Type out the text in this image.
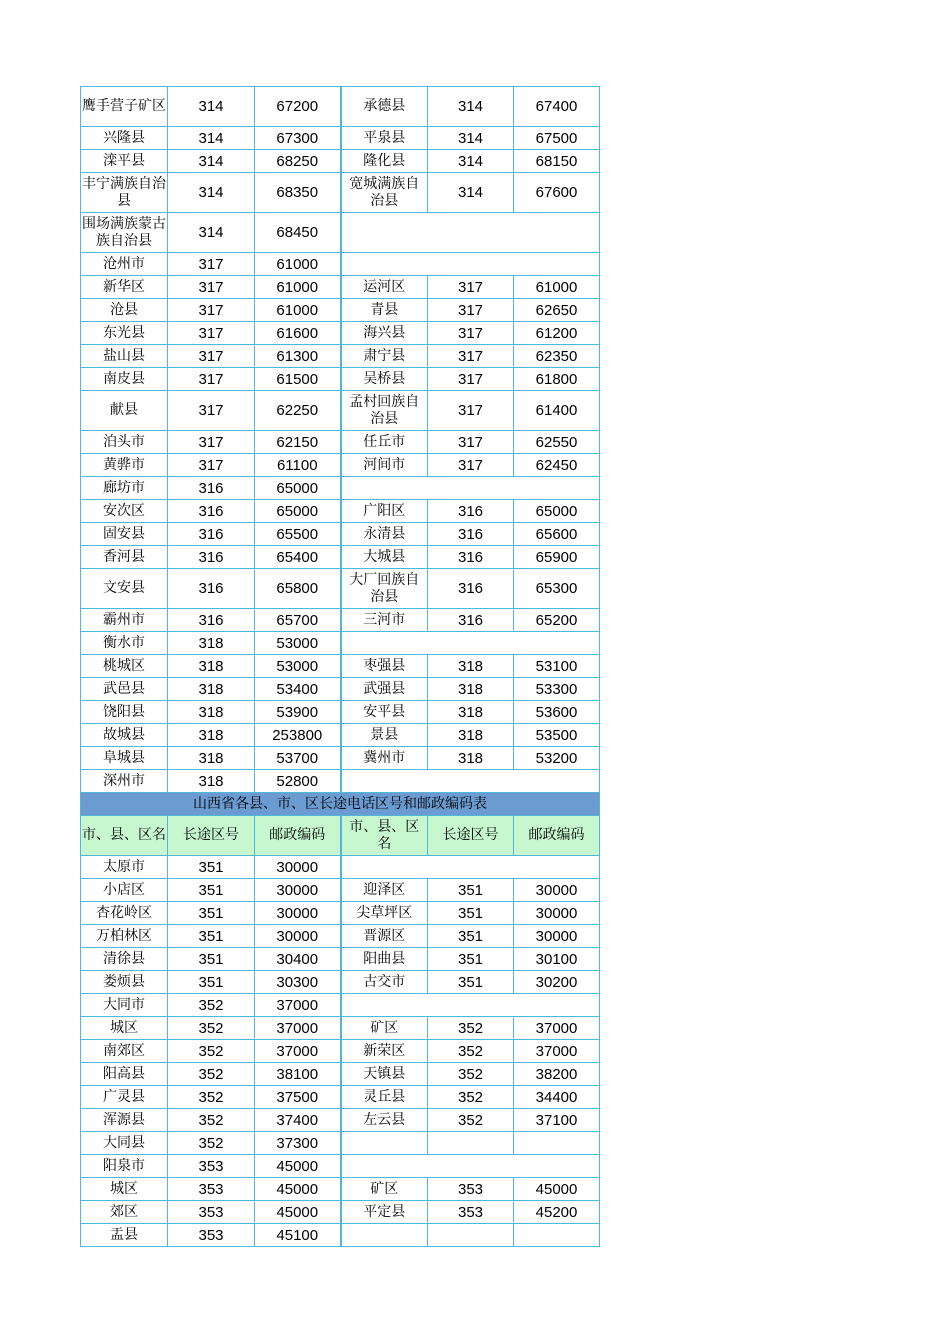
鹰手营子矿区	314	67200	承德县	314	67400
兴隆县	314	67300	平泉县	314	67500
滦平县	314	68250	隆化县	314	68150
丰宁满族自治县	314	68350	宽城满族自治县	314	67600
围场满族蒙古族自治县	314	68450			
沧州市	317	61000			
新华区	317	61000	运河区	317	61000
沧县	317	61000	青县	317	62650
东光县	317	61600	海兴县	317	61200
盐山县	317	61300	肃宁县	317	62350
南皮县	317	61500	吴桥县	317	61800
献县	317	62250	孟村回族自治县	317	61400
泊头市	317	62150	任丘市	317	62550
黄骅市	317	61100	河间市	317	62450
廊坊市	316	65000			
安次区	316	65000	广阳区	316	65000
固安县	316	65500	永清县	316	65600
香河县	316	65400	大城县	316	65900
文安县	316	65800	大厂回族自治县	316	65300
霸州市	316	65700	三河市	316	65200
衡水市	318	53000			
桃城区	318	53000	枣强县	318	53100
武邑县	318	53400	武强县	318	53300
饶阳县	318	53900	安平县	318	53600
故城县	318	253800	景县	318	53500
阜城县	318	53700	冀州市	318	53200
深州市	318	52800			
山西省各县、市、区长途电话区号和邮政编码表					
市、县、区名	长途区号	邮政编码	市、县、区名	长途区号	邮政编码
太原市	351	30000			
小店区	351	30000	迎泽区	351	30000
杏花岭区	351	30000	尖草坪区	351	30000
万柏林区	351	30000	晋源区	351	30000
清徐县	351	30400	阳曲县	351	30100
娄烦县	351	30300	古交市	351	30200
大同市	352	37000			
城区	352	37000	矿区	352	37000
南郊区	352	37000	新荣区	352	37000
阳高县	352	38100	天镇县	352	38200
广灵县	352	37500	灵丘县	352	34400
浑源县	352	37400	左云县	352	37100
大同县	352	37300			
阳泉市	353	45000			
城区	353	45000	矿区	353	45000
郊区	353	45000	平定县	353	45200
盂县	353	45100			
